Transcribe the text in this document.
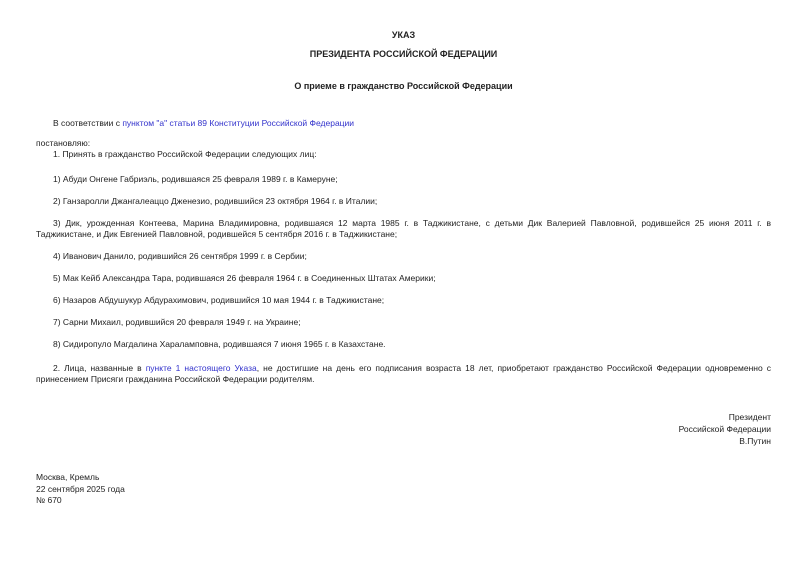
УКАЗ
ПРЕЗИДЕНТА РОССИЙСКОЙ ФЕДЕРАЦИИ
О приеме в гражданство Российской Федерации

В соответствии с пунктом "а" статьи 89 Конституции Российской Федерации

постановляю:
1. Принять в гражданство Российской Федерации следующих лиц:

1) Абуди Онгене Габриэль, родившаяся 25 февраля 1989 г. в Камеруне;

2) Ганзаролли Джангалеаццо Дженезио, родившийся 23 октября 1964 г. в Италии;

3) Дик, урожденная Контеева, Марина Владимировна, родившаяся 12 марта 1985 г. в Таджикистане, с детьми Дик Валерией Павловной, родившейся 25 июня 2011 г. в Таджикистане, и Дик Евгенией Павловной, родившейся 5 сентября 2016 г. в Таджикистане;

4) Иванович Данило, родившийся 26 сентября 1999 г. в Сербии;

5) Мак Кейб Александра Тара, родившаяся 26 февраля 1964 г. в Соединенных Штатах Америки;

6) Назаров Абдушукур Абдурахимович, родившийся 10 мая 1944 г. в Таджикистане;

7) Сарни Михаил, родившийся 20 февраля 1949 г. на Украине;

8) Сидиропуло Магдалина Хараламповна, родившаяся 7 июня 1965 г. в Казахстане.

2. Лица, названные в пункте 1 настоящего Указа, не достигшие на день его подписания возраста 18 лет, приобретают гражданство Российской Федерации одновременно с принесением Присяги гражданина Российской Федерации родителям.

Президент
Российской Федерации
В.Путин
Москва, Кремль
22 сентября 2025 года
№ 670
